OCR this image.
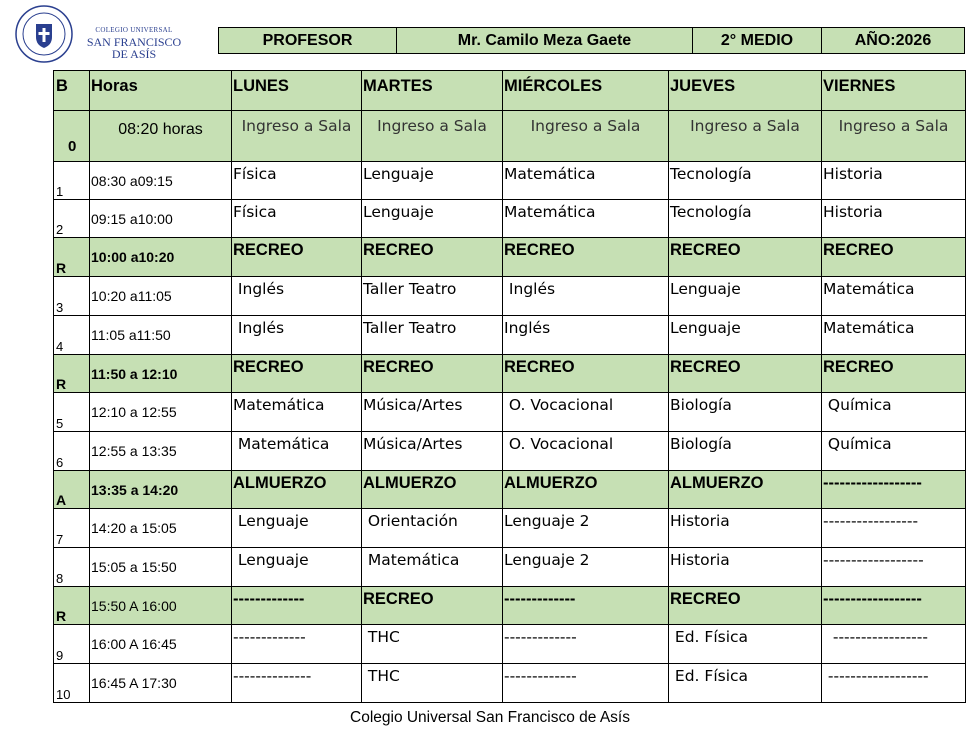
COLEGIO UNIVERSAL
SAN FRANCISCO
DE ASÍS
PROFESOR	Mr. Camilo Meza Gaete	2° MEDIO	AÑO:2026
B	Horas	LUNES	MARTES	MIÉRCOLES	JUEVES	VIERNES
0	08:20 horas	Ingreso a Sala	Ingreso a Sala	Ingreso a Sala	Ingreso a Sala	Ingreso a Sala
1	08:30 a09:15	Física	Lenguaje	Matemática	Tecnología	Historia
2	09:15 a10:00	Física	Lenguaje	Matemática	Tecnología	Historia
R	10:00 a10:20	RECREO	RECREO	RECREO	RECREO	RECREO
3	10:20 a11:05	Inglés	Taller Teatro	Inglés	Lenguaje	Matemática
4	11:05 a11:50	Inglés	Taller Teatro	Inglés	Lenguaje	Matemática
R	11:50 a 12:10	RECREO	RECREO	RECREO	RECREO	RECREO
5	12:10 a 12:55	Matemática	Música/Artes	O. Vocacional	Biología	Química
6	12:55 a 13:35	Matemática	Música/Artes	O. Vocacional	Biología	Química
A	13:35 a 14:20	ALMUERZO	ALMUERZO	ALMUERZO	ALMUERZO	------------------
7	14:20 a 15:05	Lenguaje	Orientación	Lenguaje 2	Historia	-----------------
8	15:05 a 15:50	Lenguaje	Matemática	Lenguaje 2	Historia	------------------
R	15:50 A 16:00	-------------	RECREO	-------------	RECREO	------------------
9	16:00 A 16:45	-------------	THC	-------------	Ed. Física	-----------------
10	16:45 A 17:30	--------------	THC	-------------	Ed. Física	------------------
Colegio Universal San Francisco de Asís
